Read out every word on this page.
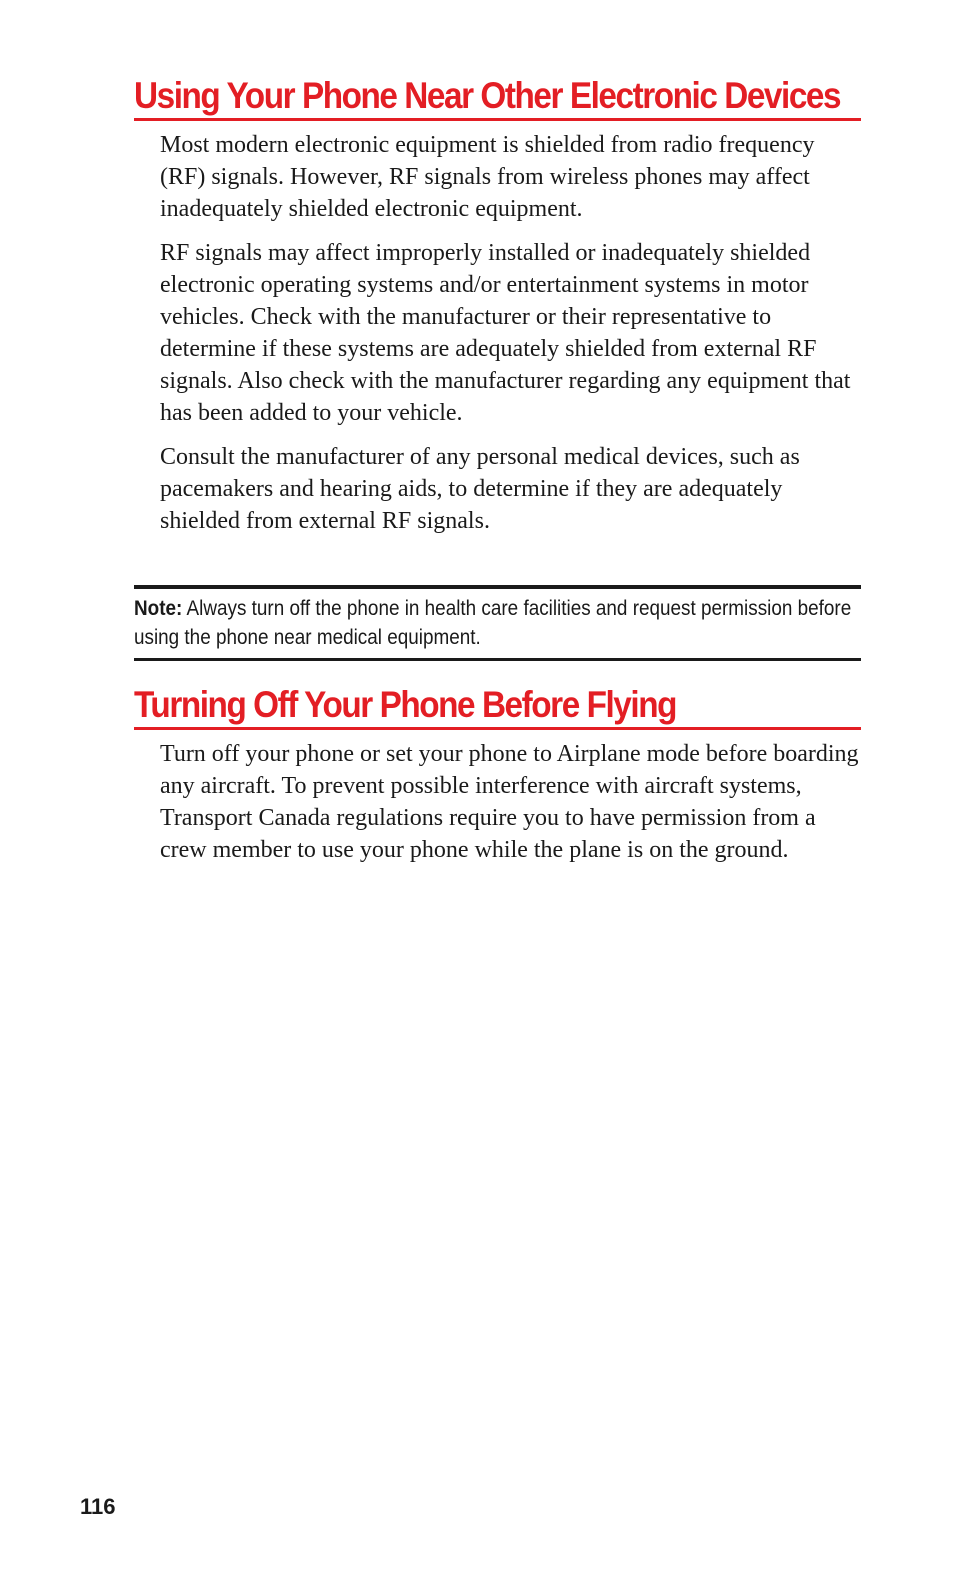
Using Your Phone Near Other Electronic Devices

Most modern electronic equipment is shielded from radio frequency (RF) signals. However, RF signals from wireless phones may affect inadequately shielded electronic equipment.

RF signals may affect improperly installed or inadequately shielded electronic operating systems and/or entertainment systems in motor vehicles. Check with the manufacturer or their representative to determine if these systems are adequately shielded from external RF signals. Also check with the manufacturer regarding any equipment that has been added to your vehicle.

Consult the manufacturer of any personal medical devices, such as pacemakers and hearing aids, to determine if they are adequately shielded from external RF signals.

Note: Always turn off the phone in health care facilities and request permission before using the phone near medical equipment.

Turning Off Your Phone Before Flying

Turn off your phone or set your phone to Airplane mode before boarding any aircraft. To prevent possible interference with aircraft systems, Transport Canada regulations require you to have permission from a crew member to use your phone while the plane is on the ground.

116
